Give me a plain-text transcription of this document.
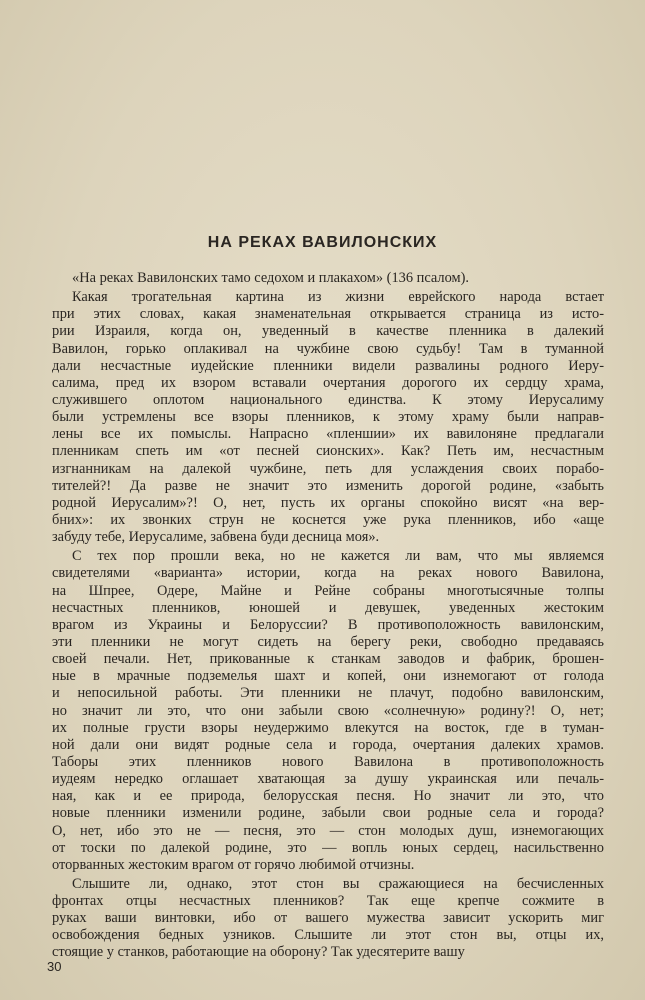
НА РЕКАХ ВАВИЛОНСКИХ

«На реках Вавилонских тамо седохом и плакахом» (136 псалом).

Какая трогательная картина из жизни еврейского народа встает
при этих словах, какая знаменательная открывается страница из исто-
рии Израиля, когда он, уведенный в качестве пленника в далекий
Вавилон, горько оплакивал на чужбине свою судьбу! Там в туманной
дали несчастные иудейские пленники видели развалины родного Иеру-
салима, пред их взором вставали очертания дорогого их сердцу храма,
служившего оплотом национального единства. К этому Иерусалиму
были устремлены все взоры пленников, к этому храму были направ-
лены все их помыслы. Напрасно «пленшии» их вавилоняне предлагали
пленникам спеть им «от песней сионских». Как? Петь им, несчастным
изгнанникам на далекой чужбине, петь для услаждения своих порабо-
тителей?! Да разве не значит это изменить дорогой родине, «забыть
родной Иерусалим»?! О, нет, пусть их органы спокойно висят «на вер-
бних»: их звонких струн не коснется уже рука пленников, ибо «аще
забуду тебе, Иерусалиме, забвена буди десница моя».

С тех пор прошли века, но не кажется ли вам, что мы являемся
свидетелями «варианта» истории, когда на реках нового Вавилона,
на Шпрее, Одере, Майне и Рейне собраны многотысячные толпы
несчастных пленников, юношей и девушек, уведенных жестоким
врагом из Украины и Белоруссии? В противоположность вавилонским,
эти пленники не могут сидеть на берегу реки, свободно предаваясь
своей печали. Нет, прикованные к станкам заводов и фабрик, брошен-
ные в мрачные подземелья шахт и копей, они изнемогают от голода
и непосильной работы. Эти пленники не плачут, подобно вавилонским,
но значит ли это, что они забыли свою «солнечную» родину?! О, нет;
их полные грусти взоры неудержимо влекутся на восток, где в туман-
ной дали они видят родные села и города, очертания далеких храмов.
Таборы этих пленников нового Вавилона в противоположность
иудеям нередко оглашает хватающая за душу украинская или печаль-
ная, как и ее природа, белорусская песня. Но значит ли это, что
новые пленники изменили родине, забыли свои родные села и города?
О, нет, ибо это не — песня, это — стон молодых душ, изнемогающих
от тоски по далекой родине, это — вопль юных сердец, насильственно
оторванных жестоким врагом от горячо любимой отчизны.

Слышите ли, однако, этот стон вы сражающиеся на бесчисленных
фронтах отцы несчастных пленников? Так еще крепче сожмите в
руках ваши винтовки, ибо от вашего мужества зависит ускорить миг
освобождения бедных узников. Слышите ли этот стон вы, отцы их,
стоящие у станков, работающие на оборону? Так удесятерите вашу

30
